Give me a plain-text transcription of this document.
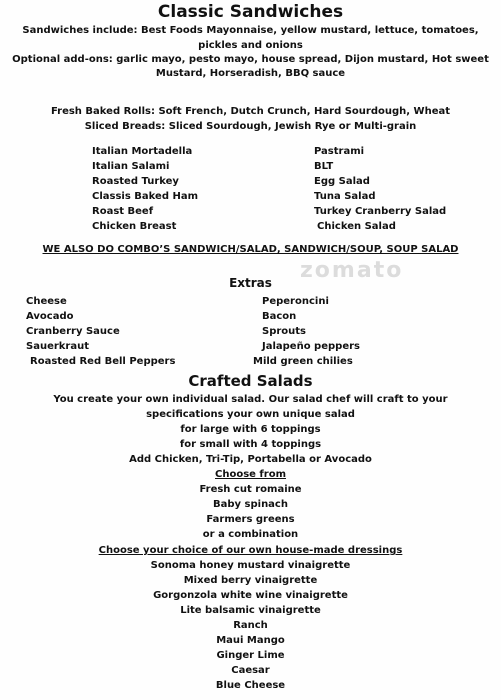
zomato
Classic Sandwiches
Sandwiches include: Best Foods Mayonnaise, yellow mustard, lettuce, tomatoes,
pickles and onions
Optional add-ons: garlic mayo, pesto mayo, house spread, Dijon mustard, Hot sweet
Mustard, Horseradish, BBQ sauce
Fresh Baked Rolls: Soft French, Dutch Crunch, Hard Sourdough, Wheat
Sliced Breads: Sliced Sourdough, Jewish Rye or Multi-grain
Italian Mortadella
Italian Salami
Roasted Turkey
Classis Baked Ham
Roast Beef
Chicken Breast
Pastrami
BLT
Egg Salad
Tuna Salad
Turkey Cranberry Salad
Chicken Salad
WE ALSO DO COMBO’S SANDWICH/SALAD, SANDWICH/SOUP, SOUP SALAD
Extras
Cheese
Avocado
Cranberry Sauce
Sauerkraut
Roasted Red Bell Peppers
Peperoncini
Bacon
Sprouts
Jalapeño peppers
Mild green chilies
Crafted Salads
You create your own individual salad. Our salad chef will craft to your
specifications your own unique salad
for large with 6 toppings
for small with 4 toppings
Add Chicken, Tri-Tip, Portabella or Avocado
Choose from
Fresh cut romaine
Baby spinach
Farmers greens
or a combination
Choose your choice of our own house-made dressings
Sonoma honey mustard vinaigrette
Mixed berry vinaigrette
Gorgonzola white wine vinaigrette
Lite balsamic vinaigrette
Ranch
Maui Mango
Ginger Lime
Caesar
Blue Cheese
